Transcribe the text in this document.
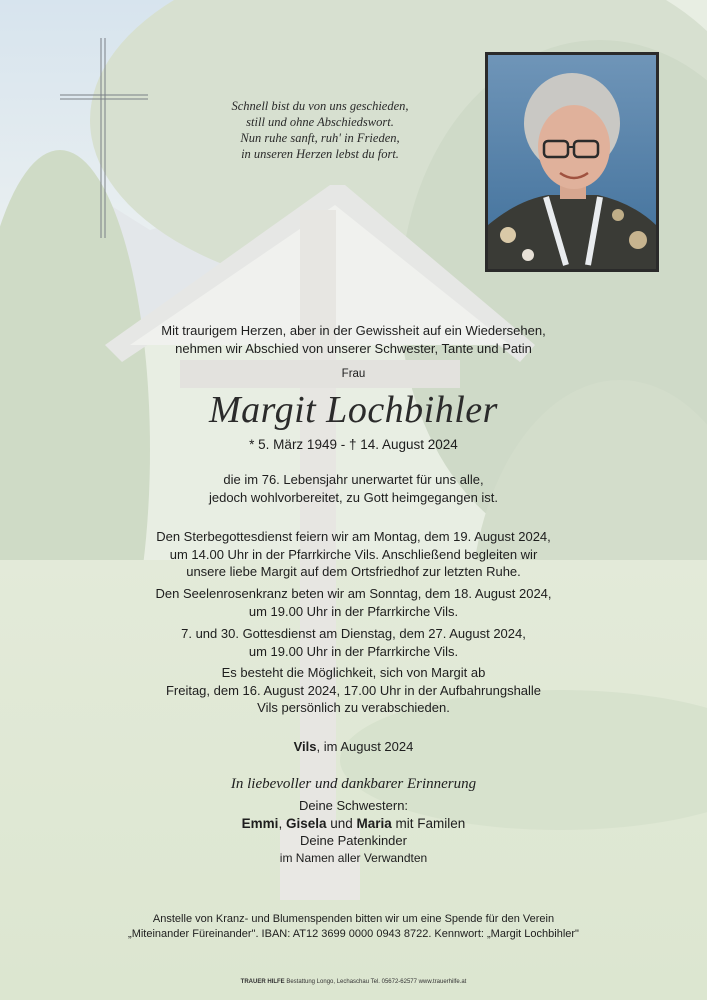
Schnell bist du von uns geschieden,
still und ohne Abschiedswort.
Nun ruhe sanft, ruh' in Frieden,
in unseren Herzen lebst du fort.
Mit traurigem Herzen, aber in der Gewissheit auf ein Wiedersehen,
nehmen wir Abschied von unserer Schwester, Tante und Patin
Frau
Margit Lochbihler
* 5. März 1949 - † 14. August 2024
die im 76. Lebensjahr unerwartet für uns alle,
jedoch wohlvorbereitet, zu Gott heimgegangen ist.
Den Sterbegottesdienst feiern wir am Montag, dem 19. August 2024,
um 14.00 Uhr in der Pfarrkirche Vils. Anschließend begleiten wir
unsere liebe Margit auf dem Ortsfriedhof zur letzten Ruhe.
Den Seelenrosenkranz beten wir am Sonntag, dem 18. August 2024,
um 19.00 Uhr in der Pfarrkirche Vils.
7. und 30. Gottesdienst am Dienstag, dem 27. August 2024,
um 19.00 Uhr in der Pfarrkirche Vils.
Es besteht die Möglichkeit, sich von Margit ab
Freitag, dem 16. August 2024, 17.00 Uhr in der Aufbahrungshalle
Vils persönlich zu verabschieden.
Vils, im August 2024
In liebevoller und dankbarer Erinnerung
Deine Schwestern:
Emmi, Gisela und Maria mit Familen
Deine Patenkinder
im Namen aller Verwandten
Anstelle von Kranz- und Blumenspenden bitten wir um eine Spende für den Verein
„Miteinander Füreinander". IBAN: AT12 3699 0000 0943 8722. Kennwort: „Margit Lochbihler"
TRAUER HILFE Bestattung Longo, Lechaschau Tel. 05672-62577 www.trauerhilfe.at
